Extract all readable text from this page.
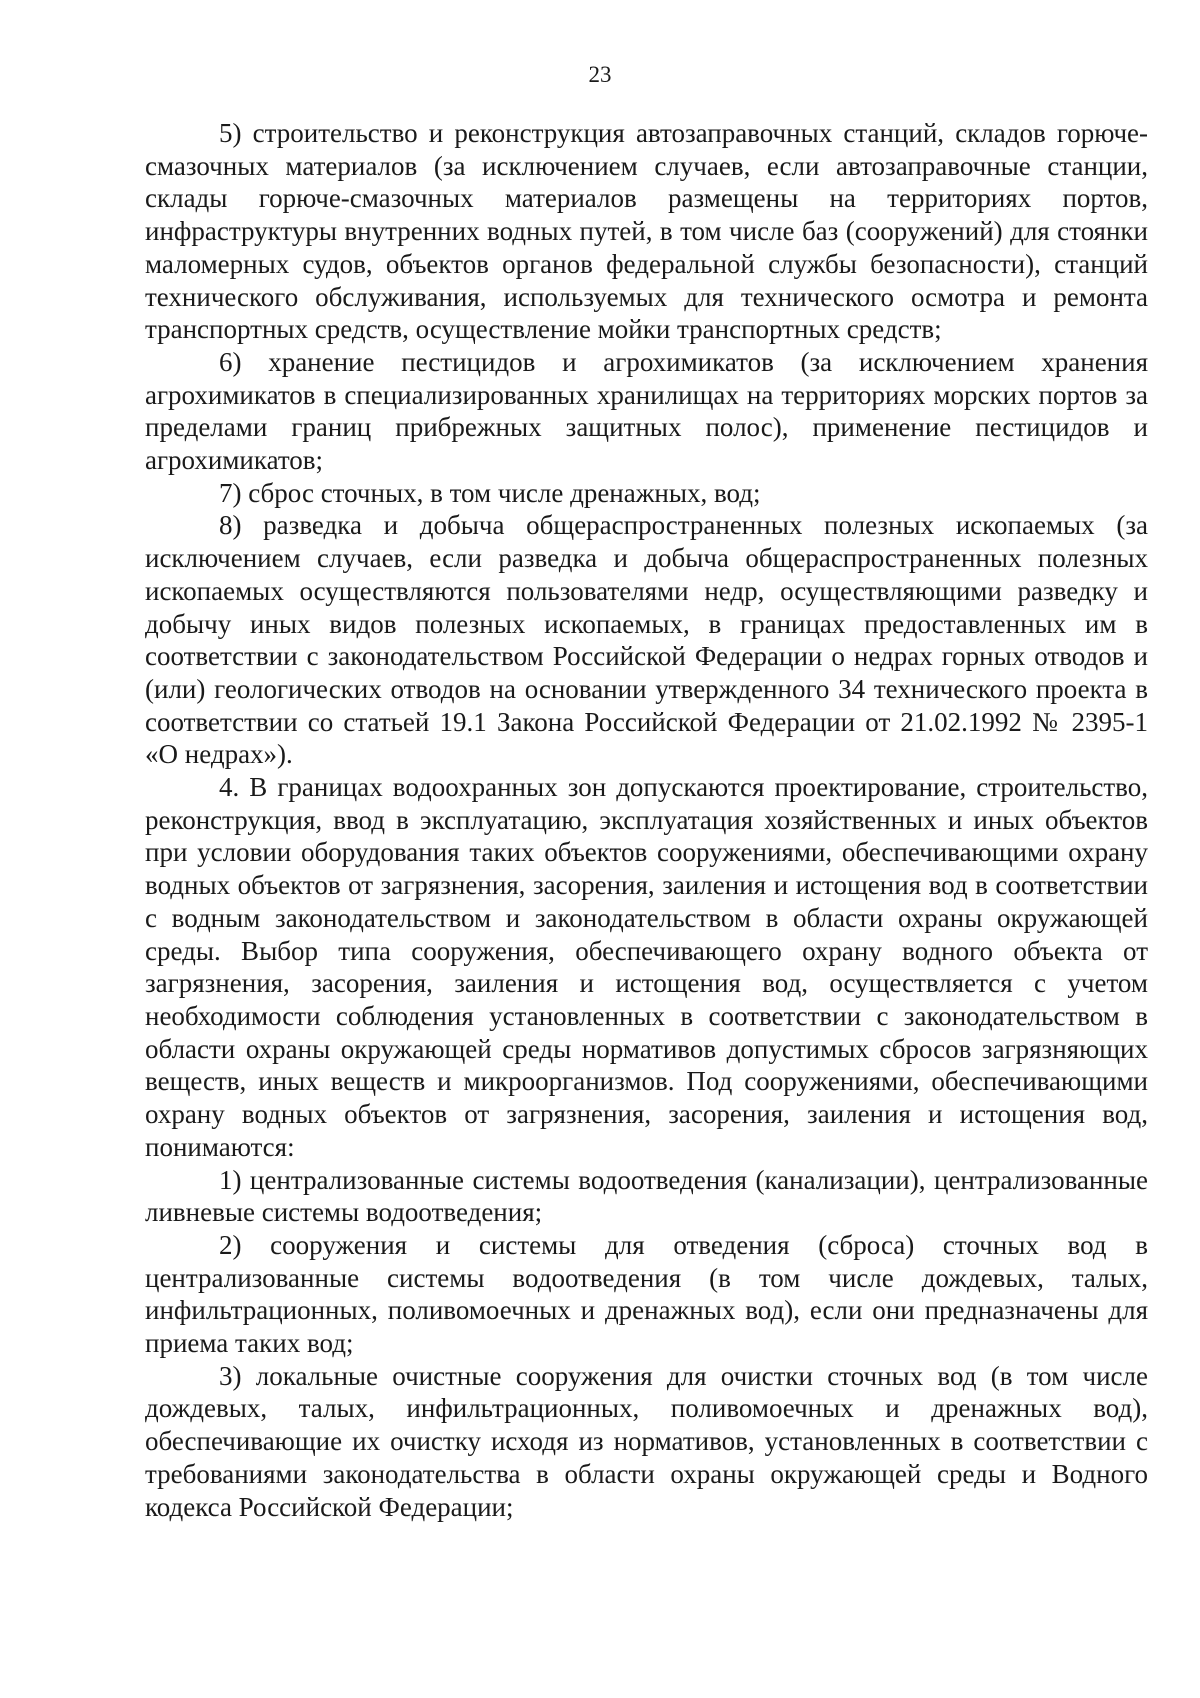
23

5) строительство и реконструкция автозаправочных станций, складов горюче-смазочных материалов (за исключением случаев, если автозаправочные станции, склады горюче-смазочных материалов размещены на территориях портов, инфраструктуры внутренних водных путей, в том числе баз (сооружений) для стоянки маломерных судов, объектов органов федеральной службы безопасности), станций технического обслуживания, используемых для технического осмотра и ремонта транспортных средств, осуществление мойки транспортных средств;

6) хранение пестицидов и агрохимикатов (за исключением хранения агрохимикатов в специализированных хранилищах на территориях морских портов за пределами границ прибрежных защитных полос), применение пестицидов и агрохимикатов;

7) сброс сточных, в том числе дренажных, вод;

8) разведка и добыча общераспространенных полезных ископаемых (за исключением случаев, если разведка и добыча общераспространенных полезных ископаемых осуществляются пользователями недр, осуществляющими разведку и добычу иных видов полезных ископаемых, в границах предоставленных им в соответствии с законодательством Российской Федерации о недрах горных отводов и (или) геологических отводов на основании утвержденного 34 технического проекта в соответствии со статьей 19.1 Закона Российской Федерации от 21.02.1992 № 2395-1 «О недрах»).

4. В границах водоохранных зон допускаются проектирование, строительство, реконструкция, ввод в эксплуатацию, эксплуатация хозяйственных и иных объектов при условии оборудования таких объектов сооружениями, обеспечивающими охрану водных объектов от загрязнения, засорения, заиления и истощения вод в соответствии с водным законодательством и законодательством в области охраны окружающей среды. Выбор типа сооружения, обеспечивающего охрану водного объекта от загрязнения, засорения, заиления и истощения вод, осуществляется с учетом необходимости соблюдения установленных в соответствии с законодательством в области охраны окружающей среды нормативов допустимых сбросов загрязняющих веществ, иных веществ и микроорганизмов. Под сооружениями, обеспечивающими охрану водных объектов от загрязнения, засорения, заиления и истощения вод, понимаются:

1) централизованные системы водоотведения (канализации), централизованные ливневые системы водоотведения;

2) сооружения и системы для отведения (сброса) сточных вод в централизованные системы водоотведения (в том числе дождевых, талых, инфильтрационных, поливомоечных и дренажных вод), если они предназначены для приема таких вод;

3) локальные очистные сооружения для очистки сточных вод (в том числе дождевых, талых, инфильтрационных, поливомоечных и дренажных вод), обеспечивающие их очистку исходя из нормативов, установленных в соответствии с требованиями законодательства в области охраны окружающей среды и Водного кодекса Российской Федерации;
